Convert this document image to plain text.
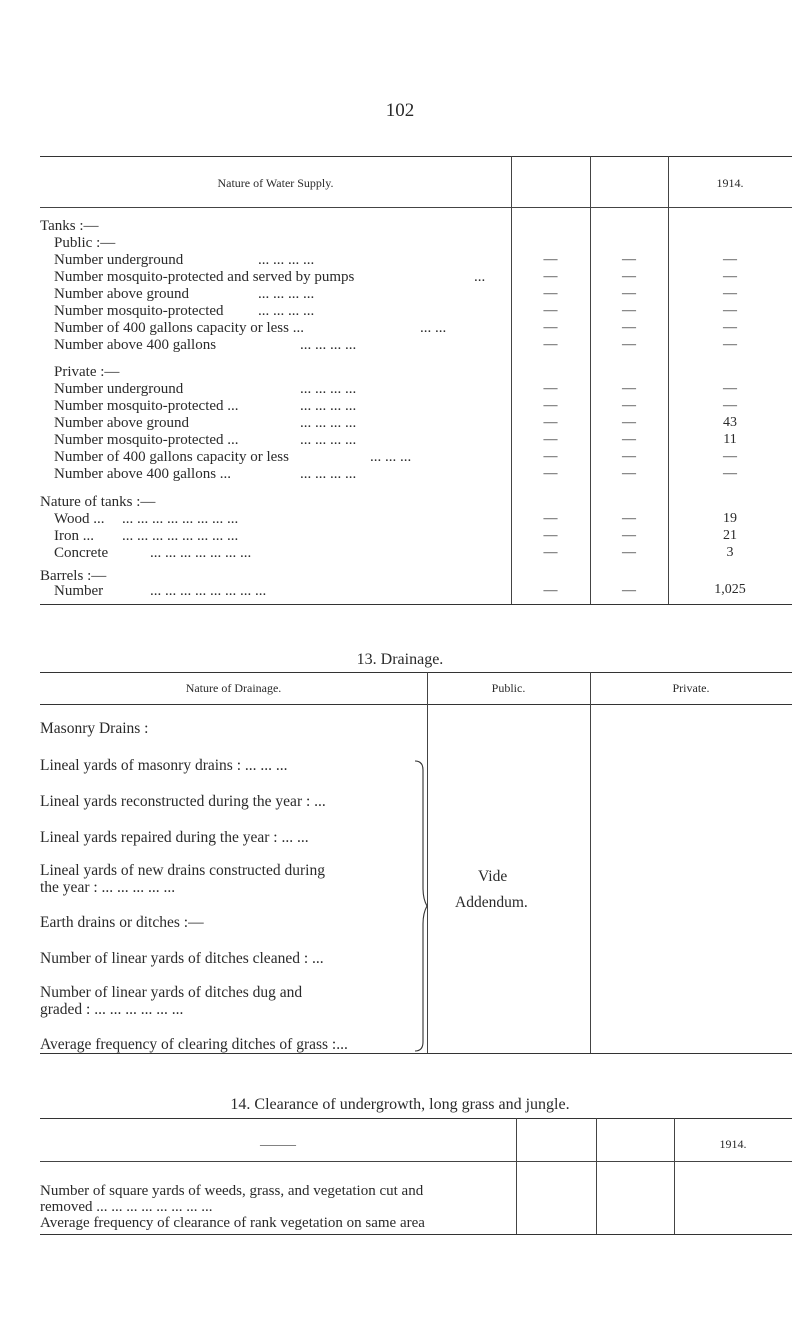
102
Nature of Water Supply.	1914.
Tanks :—
Public :—
Number underground	... ... ... ...	—	—	—
Number mosquito-protected and served by pumps	...	—	—	—
Number above ground	... ... ... ...	—	—	—
Number mosquito-protected ... ... ... ...	—	—	—
Number of 400 gallons capacity or less ...	... ...	—	—	—
Number above 400 gallons	... ... ... ...	—	—	—
Private :—
Number underground	... ... ... ...	—	—	—
Number mosquito-protected ...	... ... ... ...	—	—	—
Number above ground	... ... ... ...	—	—	43
Number mosquito-protected ...	... ... ... ...	—	—	11
Number of 400 gallons capacity or less	... ... ...	—	—	—
Number above 400 gallons ...	... ... ... ...	—	—	—
Nature of tanks :—
Wood ... ... ... ... ... ... ... ... ...	—	—	19
Iron ... ... ... ... ... ... ... ... ...	—	—	21
Concrete	... ... ... ... ... ... ...	—	—	3
Barrels :—
Number	... ... ... ... ... ... ... ...	—	—	1,025
13. Drainage.
Nature of Drainage.	Public.	Private.
Masonry Drains :
Lineal yards of masonry drains : ... ... ...
Lineal yards reconstructed during the year : ...
Lineal yards repaired during the year : ... ...
Lineal yards of new drains constructed during
the year : ... ... ... ... ...
Earth drains or ditches :—
Number of linear yards of ditches cleaned : ...
Number of linear yards of ditches dug and
graded : ... ... ... ... ... ...
Average frequency of clearing ditches of grass :...
Vide
Addendum.
14. Clearance of undergrowth, long grass and jungle.
———	1914.
Number of square yards of weeds, grass, and vegetation cut and
removed ... ... ... ... ... ... ... ...
Average frequency of clearance of rank vegetation on same area
